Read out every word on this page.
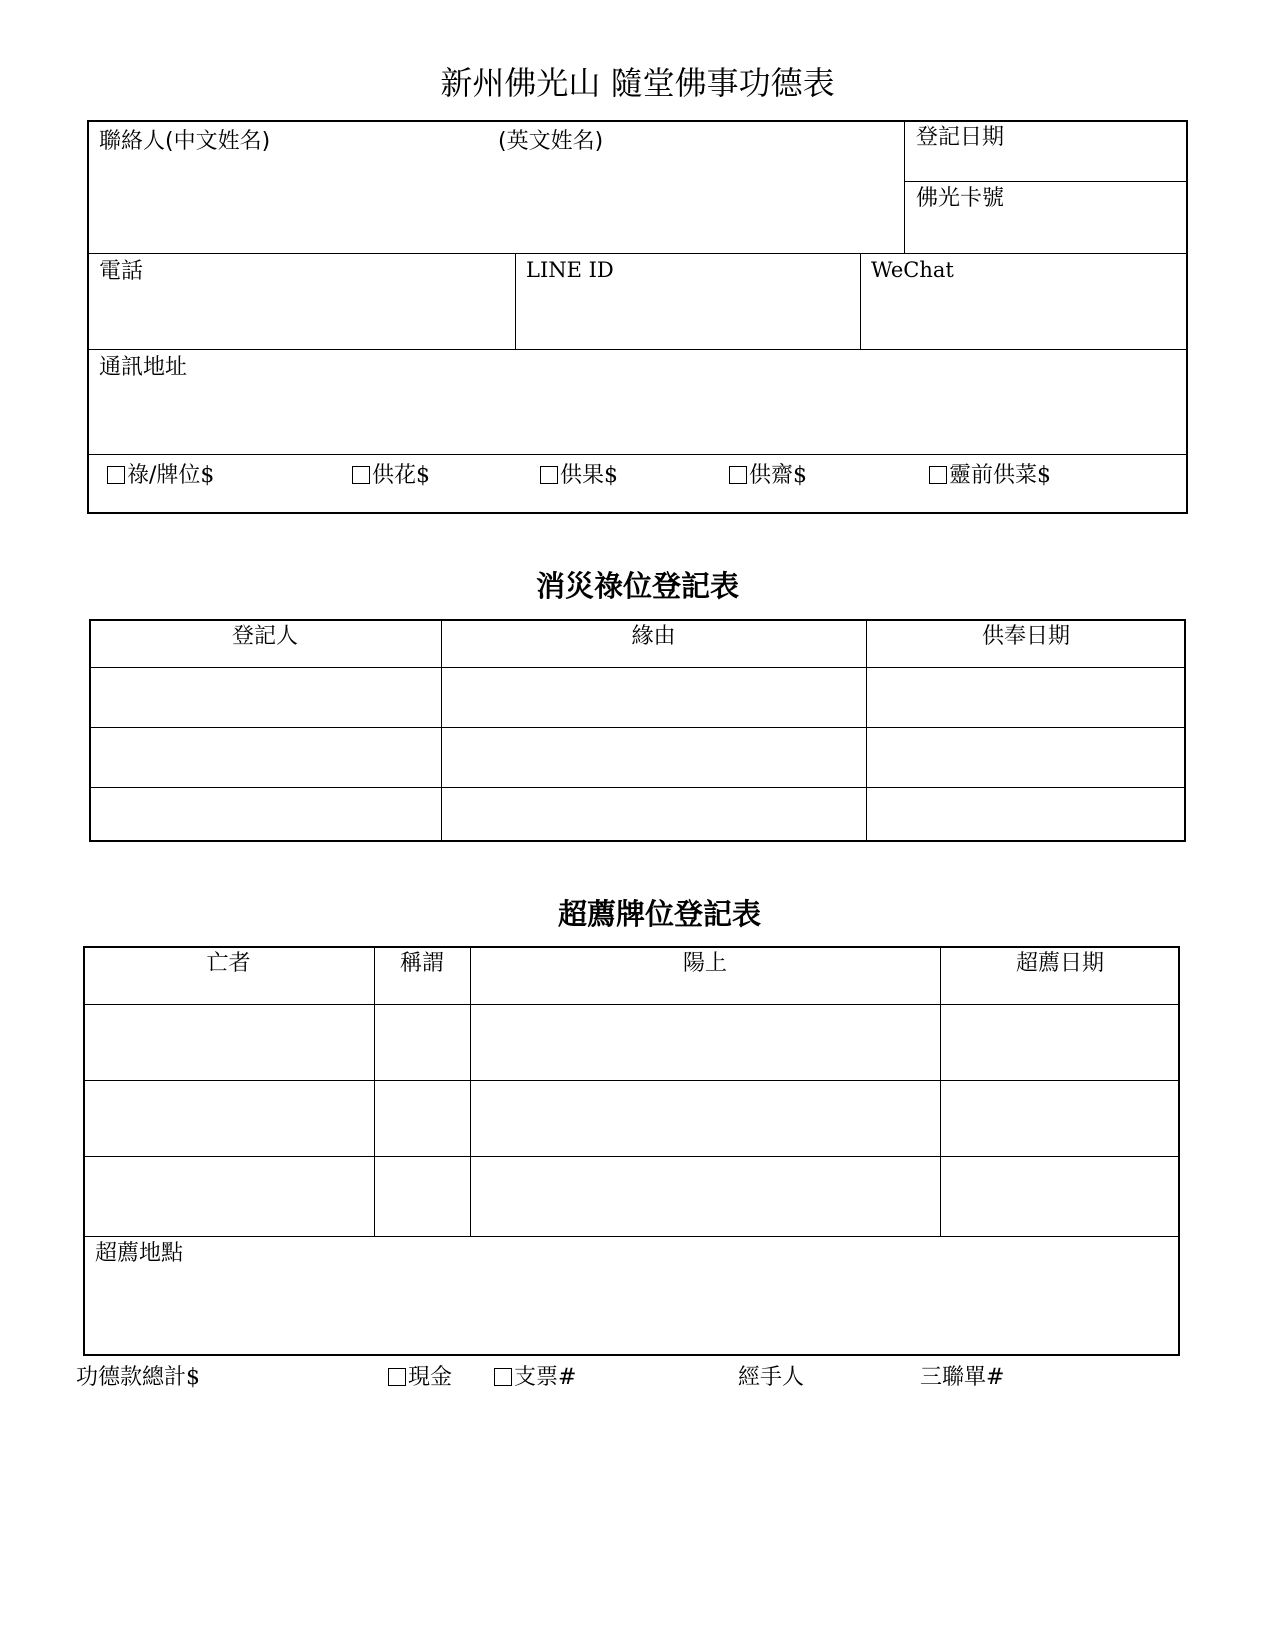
新州佛光山 隨堂佛事功德表
聯絡人(中文姓名)	(英文姓名)	登記日期
佛光卡號
電話	LINE ID	WeChat
通訊地址
祿/牌位$	供花$	供果$	供齋$	靈前供菜$
消災祿位登記表
登記人	緣由	供奉日期
超薦牌位登記表
亡者	稱謂	陽上	超薦日期
超薦地點
功德款總計$	現金	支票#	經手人	三聯單#
